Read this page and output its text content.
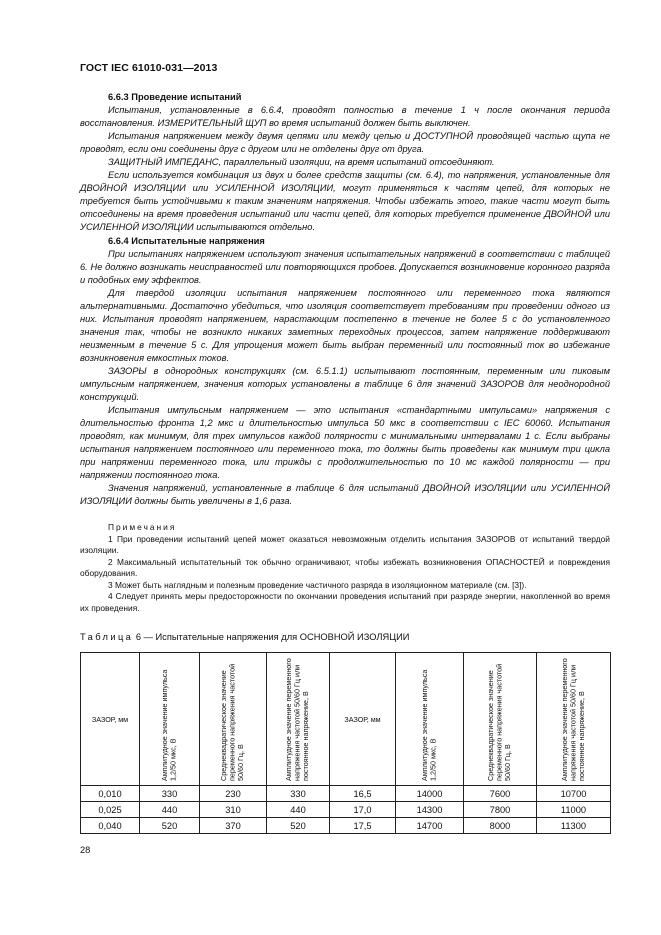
ГОСТ IEC 61010-031—2013
6.6.3 Проведение испытаний

Испытания, установленные в 6.6.4, проводят полностью в течение 1 ч после окончания периода восстановления. ИЗМЕРИТЕЛЬНЫЙ ЩУП во время испытаний должен быть выключен.

Испытания напряжением между двумя цепями или между цепью и ДОСТУПНОЙ проводящей частью щупа не проводят, если они соединены друг с другом или не отделены друг от друга.

ЗАЩИТНЫЙ ИМПЕДАНС, параллельный изоляции, на время испытаний отсоединяют.

Если используется комбинация из двух и более средств защиты (см. 6.4), то напряжения, установленные для ДВОЙНОЙ ИЗОЛЯЦИИ или УСИЛЕННОЙ ИЗОЛЯЦИИ, могут применяться к частям цепей, для которых не требуется быть устойчивыми к таким значениям напряжения. Чтобы избежать этого, такие части могут быть отсоединены на время проведения испытаний или части цепей, для которых требуется применение ДВОЙНОЙ или УСИЛЕННОЙ ИЗОЛЯЦИИ испытываются отдельно.

6.6.4 Испытательные напряжения

При испытаниях напряжением используют значения испытательных напряжений в соответствии с таблицей 6. Не должно возникать неисправностей или повторяющихся пробоев. Допускается возникновение коронного разряда и подобных ему эффектов.

Для твердой изоляции испытания напряжением постоянного или переменного тока являются альтернативными. Достаточно убедиться, что изоляция соответствует требованиям при проведении одного из них. Испытания проводят напряжением, нарастающим постепенно в течение не более 5 с до установленного значения так, чтобы не возникло никаких заметных переходных процессов, затем напряжение поддерживают неизменным в течение 5 с. Для упрощения может быть выбран переменный или постоянный ток во избежание возникновения емкостных токов.

ЗАЗОРЫ в однородных конструкциях (см. 6.5.1.1) испытывают постоянным, переменным или пиковым импульсным напряжением, значения которых установлены в таблице 6 для значений ЗАЗОРОВ для неоднородной конструкций.

Испытания импульсным напряжением — это испытания «стандартными импульсами» напряжения с длительностью фронта 1,2 мкс и длительностью импульса 50 мкс в соответствии с IEC 60060. Испытания проводят, как минимум, для трех импульсов каждой полярности с минимальными интервалами 1 с. Если выбраны испытания напряжением постоянного или переменного тока, то должны быть проведены как минимум три цикла при напряжении переменного тока, или трижды с продолжительностью по 10 мс каждой полярности — при напряжении постоянного тока.

Значения напряжений, установленные в таблице 6 для испытаний ДВОЙНОЙ ИЗОЛЯЦИИ или УСИЛЕННОЙ ИЗОЛЯЦИИ должны быть увеличены в 1,6 раза.

Примечания

1 При проведении испытаний цепей может оказаться невозможным отделить испытания ЗАЗОРОВ от испытаний твердой изоляции.

2 Максимальный испытательный ток обычно ограничивают, чтобы избежать возникновения ОПАСНОСТЕЙ и повреждения оборудования.

3 Может быть наглядным и полезным проведение частичного разряда в изоляционном материале (см. [3]).

4 Следует принять меры предосторожности по окончании проведения испытаний при разряде энергии, накопленной во время их проведения.

Таблица 6 — Испытательные напряжения для ОСНОВНОЙ ИЗОЛЯЦИИ
ЗАЗОР, мм	Амплитудное значение импульса 1,2/50 мкс, В	Среднеквадратическое значение переменного напряжения частотой 50/60 Гц, В	Амплитудное значение переменного напряжения частотой 50/60 Гц или постоянное напряжение, В	ЗАЗОР, мм	Амплитудное значение импульса 1,2/50 мкс, В	Среднеквадратическое значение переменного напряжения частотой 50/60 Гц, В	Амплитудное значение переменного напряжения частотой 50/60 Гц или постоянное напряжение, В

0,010	330	230	330	16,5	14000	7600	10700
0,025	440	310	440	17,0	14300	7800	11000
0,040	520	370	520	17,5	14700	8000	11300
28
